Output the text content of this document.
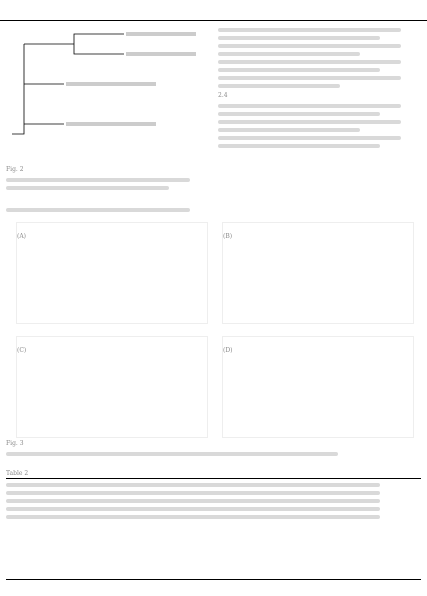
Fig. 2
2.4
(A)	(B)
(C)	(D)
Fig. 3
Table 2
